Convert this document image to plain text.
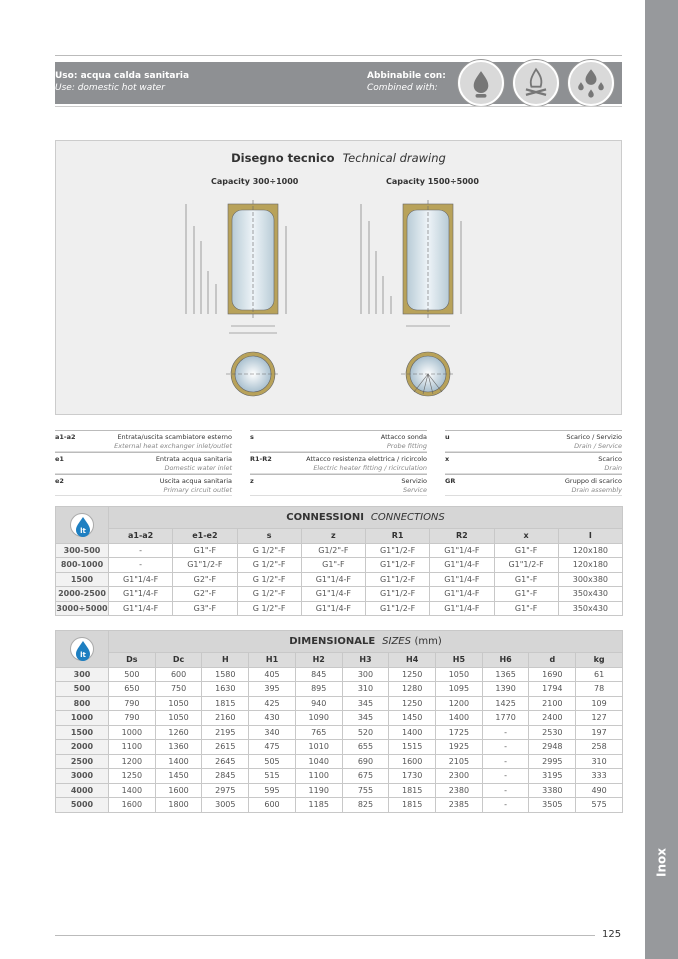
Inox
Uso: acqua calda sanitaria
Use: domestic hot water
Abbinabile con:
Combined with:
Disegno tecnico Technical drawing
Capacity 300÷1000	Capacity 1500÷5000
a1-a2	Entrata/uscita scambiatore esterno
External heat exchanger inlet/outlet
e1	Entrata acqua sanitaria
Domestic water inlet
e2	Uscita acqua sanitaria
Primary circuit outlet
s	Attacco sonda
Probe fitting
R1-R2	Attacco resistenza elettrica / ricircolo
Electric heater fitting / ricirculation
z	Servizio
Service
u	Scarico / Servizio
Drain / Service
x	Scarico
Drain
GR	Gruppo di scarico
Drain assembly
lt	CONNESSIONI CONNECTIONS							
	a1-a2	e1-e2	s	z	R1	R2	x	I
300-500	-	G1"-F	G 1/2"-F	G1/2"-F	G1"1/2-F	G1"1/4-F	G1"-F	120x180
800-1000	-	G1"1/2-F	G 1/2"-F	G1"-F	G1"1/2-F	G1"1/4-F	G1"1/2-F	120x180
1500	G1"1/4-F	G2"-F	G 1/2"-F	G1"1/4-F	G1"1/2-F	G1"1/4-F	G1"-F	300x380
2000-2500	G1"1/4-F	G2"-F	G 1/2"-F	G1"1/4-F	G1"1/2-F	G1"1/4-F	G1"-F	350x430
3000÷5000	G1"1/4-F	G3"-F	G 1/2"-F	G1"1/4-F	G1"1/2-F	G1"1/4-F	G1"-F	350x430
lt	DIMENSIONALE SIZES (mm)										
	Ds	Dc	H	H1	H2	H3	H4	H5	H6	d	kg
300	500	600	1580	405	845	300	1250	1050	1365	1690	61
500	650	750	1630	395	895	310	1280	1095	1390	1794	78
800	790	1050	1815	425	940	345	1250	1200	1425	2100	109
1000	790	1050	2160	430	1090	345	1450	1400	1770	2400	127
1500	1000	1260	2195	340	765	520	1400	1725	-	2530	197
2000	1100	1360	2615	475	1010	655	1515	1925	-	2948	258
2500	1200	1400	2645	505	1040	690	1600	2105	-	2995	310
3000	1250	1450	2845	515	1100	675	1730	2300	-	3195	333
4000	1400	1600	2975	595	1190	755	1815	2380	-	3380	490
5000	1600	1800	3005	600	1185	825	1815	2385	-	3505	575
125
